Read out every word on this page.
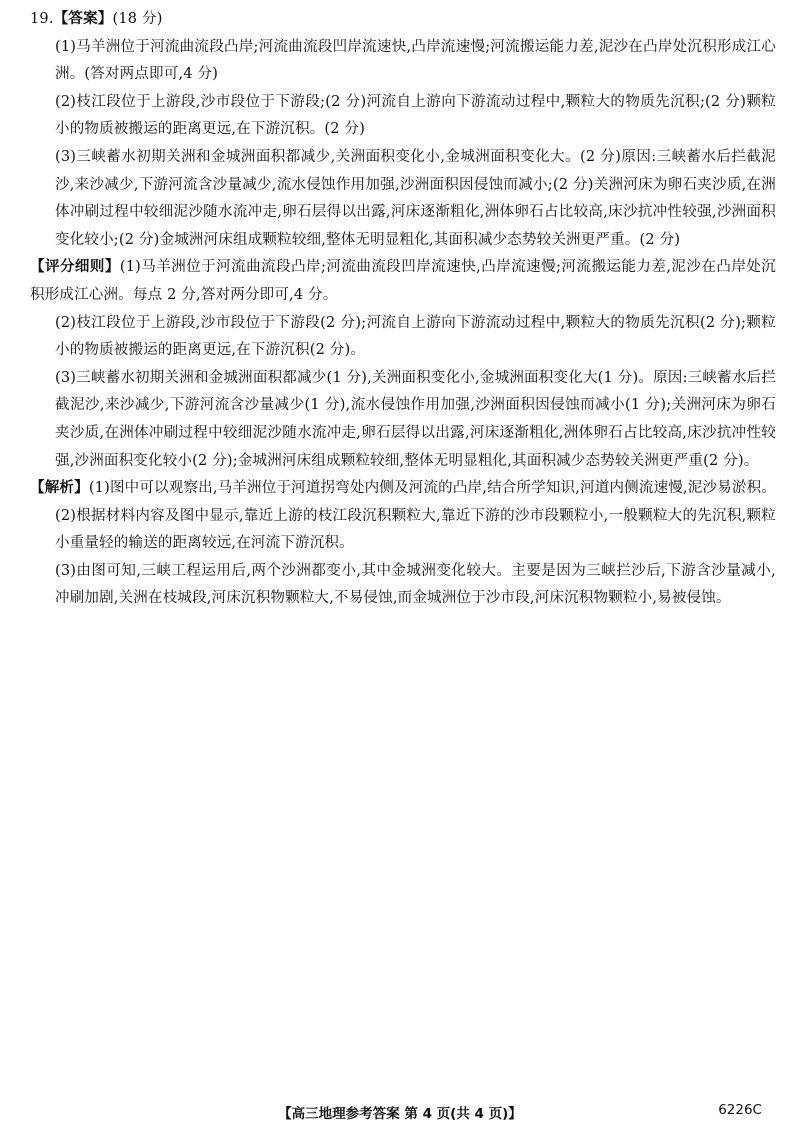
19.【答案】(18 分)

(1)马羊洲位于河流曲流段凸岸;河流曲流段凹岸流速快,凸岸流速慢;河流搬运能力差,泥沙在凸岸处沉积形成江心洲。(答对两点即可,4 分)

(2)枝江段位于上游段,沙市段位于下游段;(2 分)河流自上游向下游流动过程中,颗粒大的物质先沉积;(2 分)颗粒小的物质被搬运的距离更远,在下游沉积。(2 分)

(3)三峡蓄水初期关洲和金城洲面积都减少,关洲面积变化小,金城洲面积变化大。(2 分)原因:三峡蓄水后拦截泥沙,来沙减少,下游河流含沙量减少,流水侵蚀作用加强,沙洲面积因侵蚀而减小;(2 分)关洲河床为卵石夹沙质,在洲体冲刷过程中较细泥沙随水流冲走,卵石层得以出露,河床逐渐粗化,洲体卵石占比较高,床沙抗冲性较强,沙洲面积变化较小;(2 分)金城洲河床组成颗粒较细,整体无明显粗化,其面积减少态势较关洲更严重。(2 分)

【评分细则】(1)马羊洲位于河流曲流段凸岸;河流曲流段凹岸流速快,凸岸流速慢;河流搬运能力差,泥沙在凸岸处沉积形成江心洲。每点 2 分,答对两分即可,4 分。

(2)枝江段位于上游段,沙市段位于下游段(2 分);河流自上游向下游流动过程中,颗粒大的物质先沉积(2 分);颗粒小的物质被搬运的距离更远,在下游沉积(2 分)。

(3)三峡蓄水初期关洲和金城洲面积都减少(1 分),关洲面积变化小,金城洲面积变化大(1 分)。原因:三峡蓄水后拦截泥沙,来沙减少,下游河流含沙量减少(1 分),流水侵蚀作用加强,沙洲面积因侵蚀而减小(1 分);关洲河床为卵石夹沙质,在洲体冲刷过程中较细泥沙随水流冲走,卵石层得以出露,河床逐渐粗化,洲体卵石占比较高,床沙抗冲性较强,沙洲面积变化较小(2 分);金城洲河床组成颗粒较细,整体无明显粗化,其面积减少态势较关洲更严重(2 分)。

【解析】(1)图中可以观察出,马羊洲位于河道拐弯处内侧及河流的凸岸,结合所学知识,河道内侧流速慢,泥沙易淤积。

(2)根据材料内容及图中显示,靠近上游的枝江段沉积颗粒大,靠近下游的沙市段颗粒小,一般颗粒大的先沉积,颗粒小重量轻的输送的距离较远,在河流下游沉积。

(3)由图可知,三峡工程运用后,两个沙洲都变小,其中金城洲变化较大。主要是因为三峡拦沙后,下游含沙量减小,冲刷加剧,关洲在枝城段,河床沉积物颗粒大,不易侵蚀,而金城洲位于沙市段,河床沉积物颗粒小,易被侵蚀。

【高三地理参考答案 第 4 页(共 4 页)】	6226C
